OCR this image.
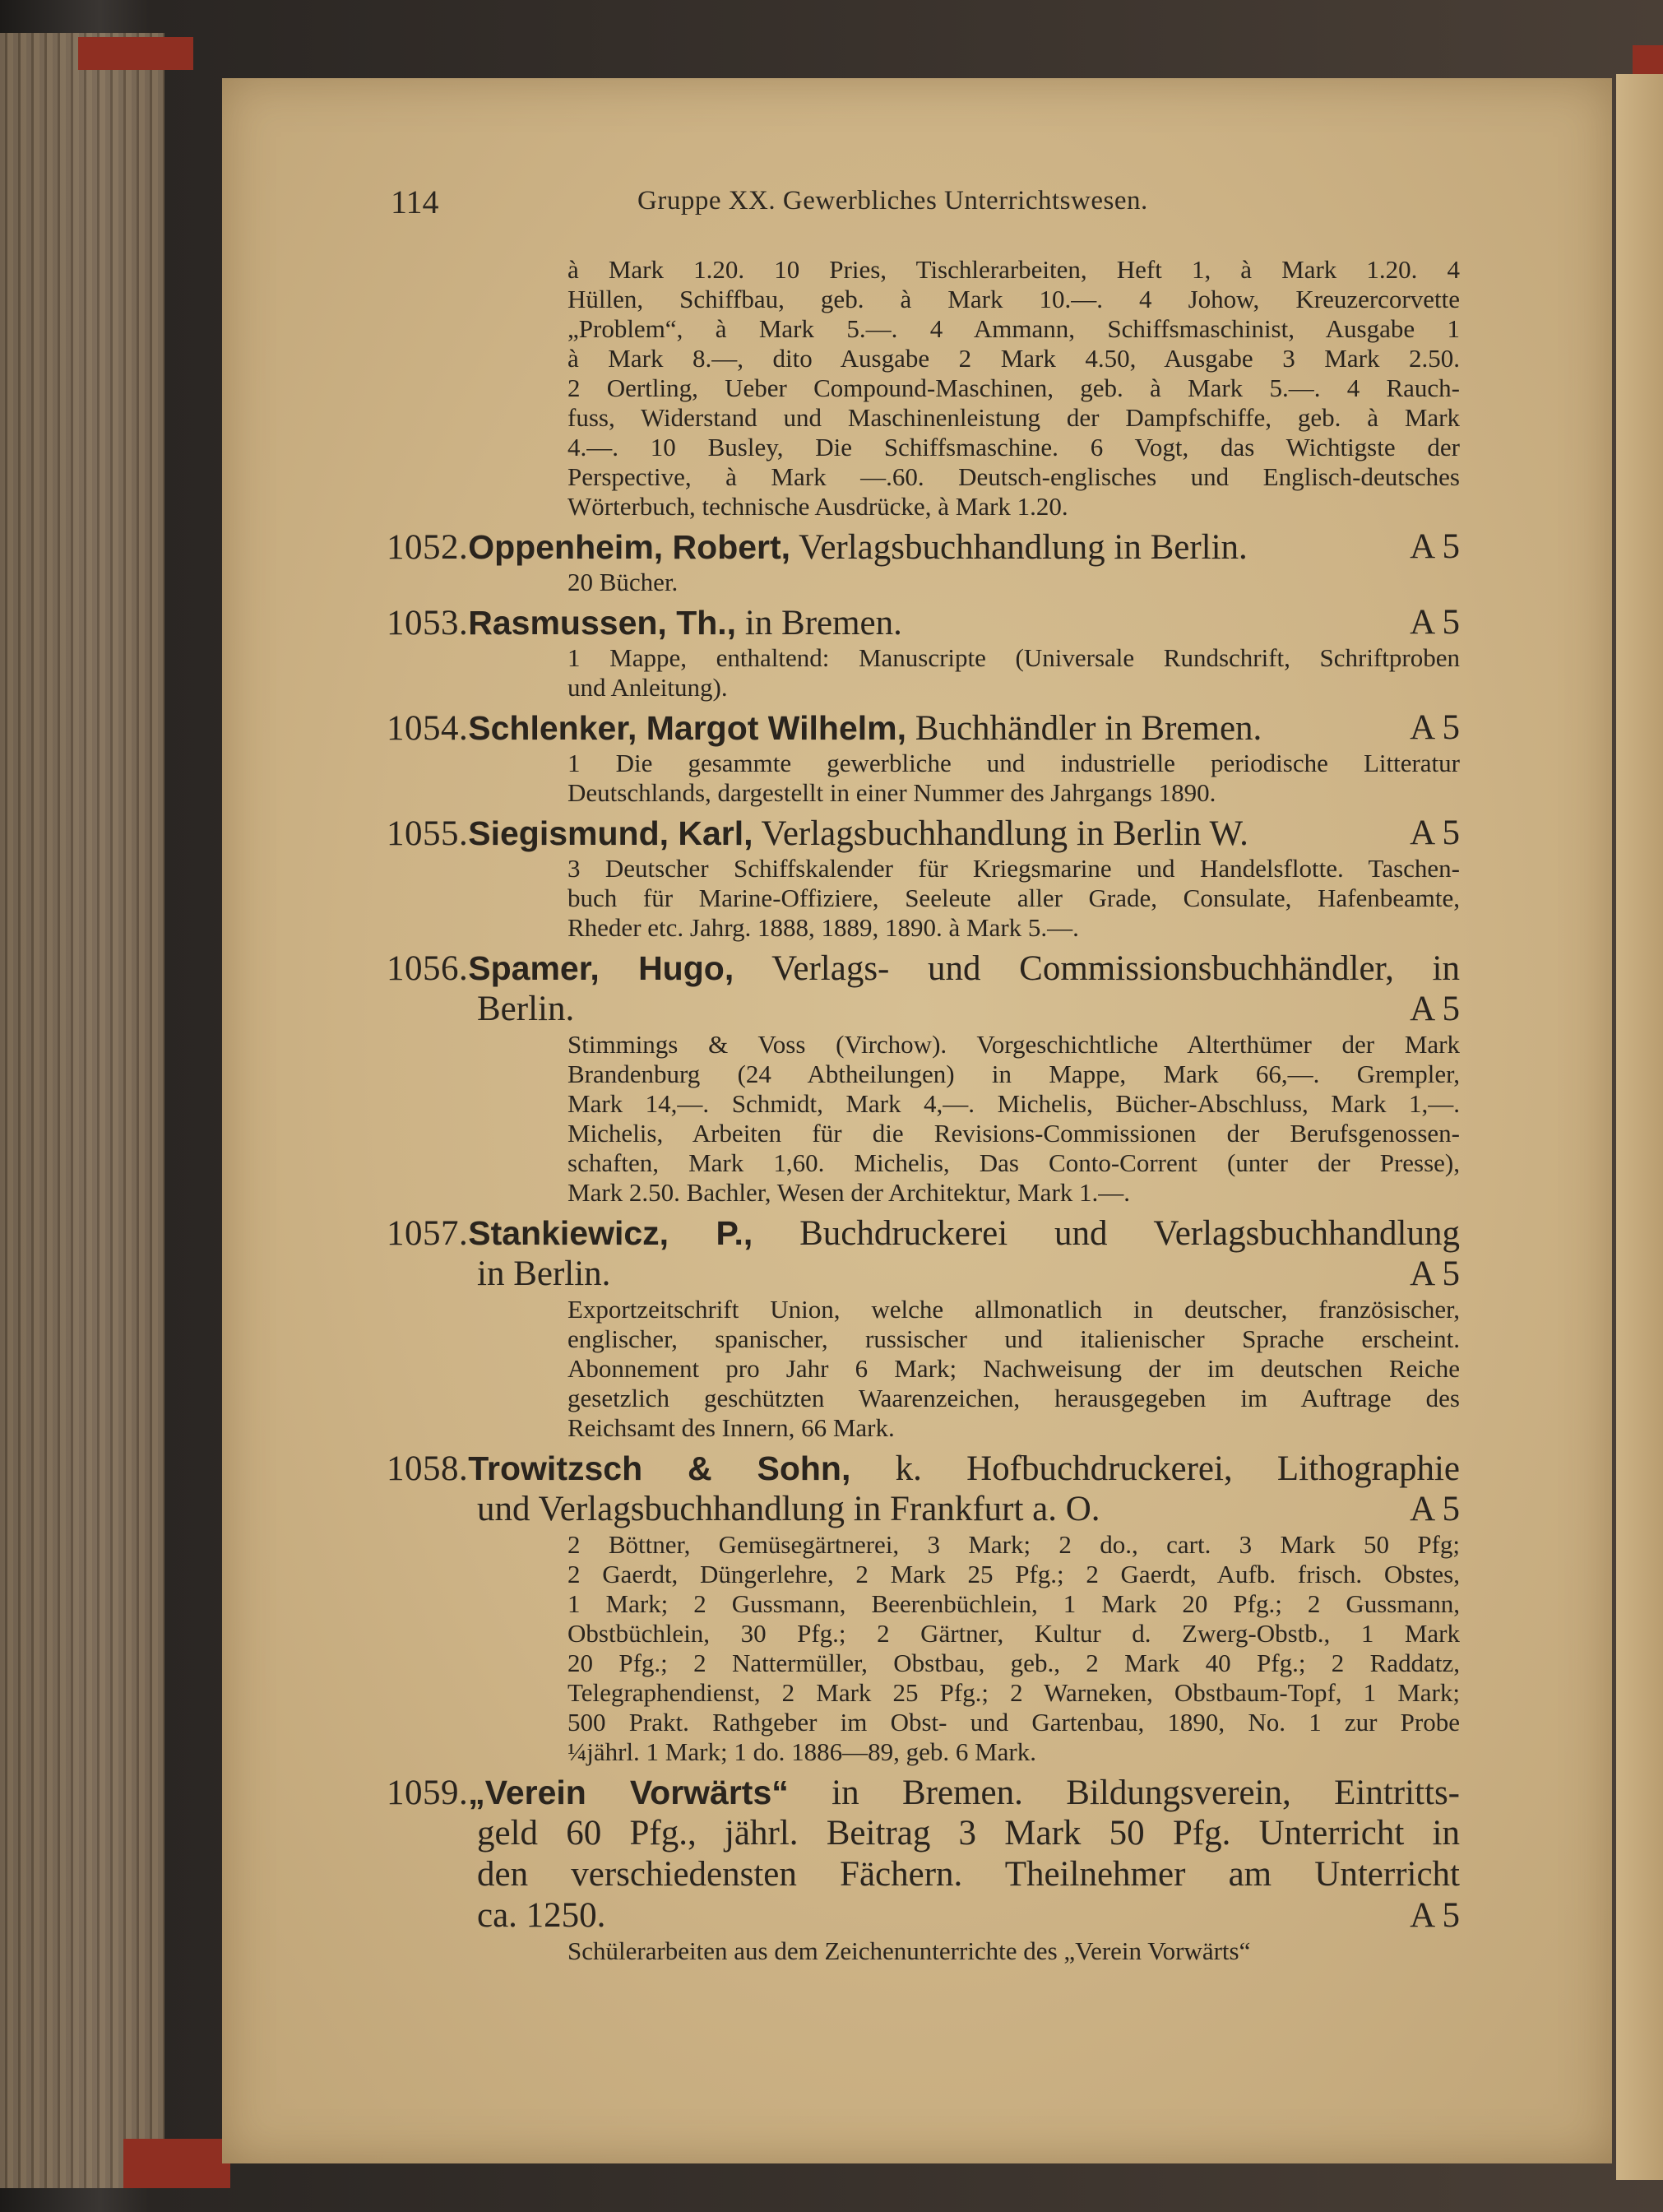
114	Gruppe XX. Gewerbliches Unterrichtswesen.
à Mark 1.20. 10 Pries, Tischlerarbeiten, Heft 1, à Mark 1.20. 4
Hüllen, Schiffbau, geb. à Mark 10.—. 4 Johow, Kreuzercorvette
„Problem“, à Mark 5.—. 4 Ammann, Schiffsmaschinist, Ausgabe 1
à Mark 8.—, dito Ausgabe 2 Mark 4.50, Ausgabe 3 Mark 2.50.
2 Oertling, Ueber Compound-Maschinen, geb. à Mark 5.—. 4 Rauch-
fuss, Widerstand und Maschinenleistung der Dampfschiffe, geb. à Mark
4.—. 10 Busley, Die Schiffsmaschine. 6 Vogt, das Wichtigste der
Perspective, à Mark —.60. Deutsch-englisches und Englisch-deutsches
Wörterbuch, technische Ausdrücke, à Mark 1.20.
1052.Oppenheim, Robert, Verlagsbuchhandlung in Berlin.	A 5
20 Bücher.
1053.Rasmussen, Th., in Bremen.	A 5
1 Mappe, enthaltend: Manuscripte (Universale Rundschrift, Schriftproben
und Anleitung).
1054.Schlenker, Margot Wilhelm, Buchhändler in Bremen.	A 5
1 Die gesammte gewerbliche und industrielle periodische Litteratur
Deutschlands, dargestellt in einer Nummer des Jahrgangs 1890.
1055.Siegismund, Karl, Verlagsbuchhandlung in Berlin W.	A 5
3 Deutscher Schiffskalender für Kriegsmarine und Handelsflotte. Taschen-
buch für Marine-Offiziere, Seeleute aller Grade, Consulate, Hafenbeamte,
Rheder etc. Jahrg. 1888, 1889, 1890. à Mark 5.—.
1056.Spamer, Hugo, Verlags- und Commissionsbuchhändler, in
Berlin.	A 5
Stimmings & Voss (Virchow). Vorgeschichtliche Alterthümer der Mark
Brandenburg (24 Abtheilungen) in Mappe, Mark 66,—. Grempler,
Mark 14,—. Schmidt, Mark 4,—. Michelis, Bücher-Abschluss, Mark 1,—.
Michelis, Arbeiten für die Revisions-Commissionen der Berufsgenossen-
schaften, Mark 1,60. Michelis, Das Conto-Corrent (unter der Presse),
Mark 2.50. Bachler, Wesen der Architektur, Mark 1.—.
1057.Stankiewicz, P., Buchdruckerei und Verlagsbuchhandlung
in Berlin.	A 5
Exportzeitschrift Union, welche allmonatlich in deutscher, französischer,
englischer, spanischer, russischer und italienischer Sprache erscheint.
Abonnement pro Jahr 6 Mark; Nachweisung der im deutschen Reiche
gesetzlich geschützten Waarenzeichen, herausgegeben im Auftrage des
Reichsamt des Innern, 66 Mark.
1058.Trowitzsch & Sohn, k. Hofbuchdruckerei, Lithographie
und Verlagsbuchhandlung in Frankfurt a. O.	A 5
2 Böttner, Gemüsegärtnerei, 3 Mark; 2 do., cart. 3 Mark 50 Pfg;
2 Gaerdt, Düngerlehre, 2 Mark 25 Pfg.; 2 Gaerdt, Aufb. frisch. Obstes,
1 Mark; 2 Gussmann, Beerenbüchlein, 1 Mark 20 Pfg.; 2 Gussmann,
Obstbüchlein, 30 Pfg.; 2 Gärtner, Kultur d. Zwerg-Obstb., 1 Mark
20 Pfg.; 2 Nattermüller, Obstbau, geb., 2 Mark 40 Pfg.; 2 Raddatz,
Telegraphendienst, 2 Mark 25 Pfg.; 2 Warneken, Obstbaum-Topf, 1 Mark;
500 Prakt. Rathgeber im Obst- und Gartenbau, 1890, No. 1 zur Probe
¼jährl. 1 Mark; 1 do. 1886—89, geb. 6 Mark.
1059.„Verein Vorwärts“ in Bremen. Bildungsverein, Eintritts-
geld 60 Pfg., jährl. Beitrag 3 Mark 50 Pfg. Unterricht in
den verschiedensten Fächern. Theilnehmer am Unterricht
ca. 1250.	A 5
Schülerarbeiten aus dem Zeichenunterrichte des „Verein Vorwärts“
